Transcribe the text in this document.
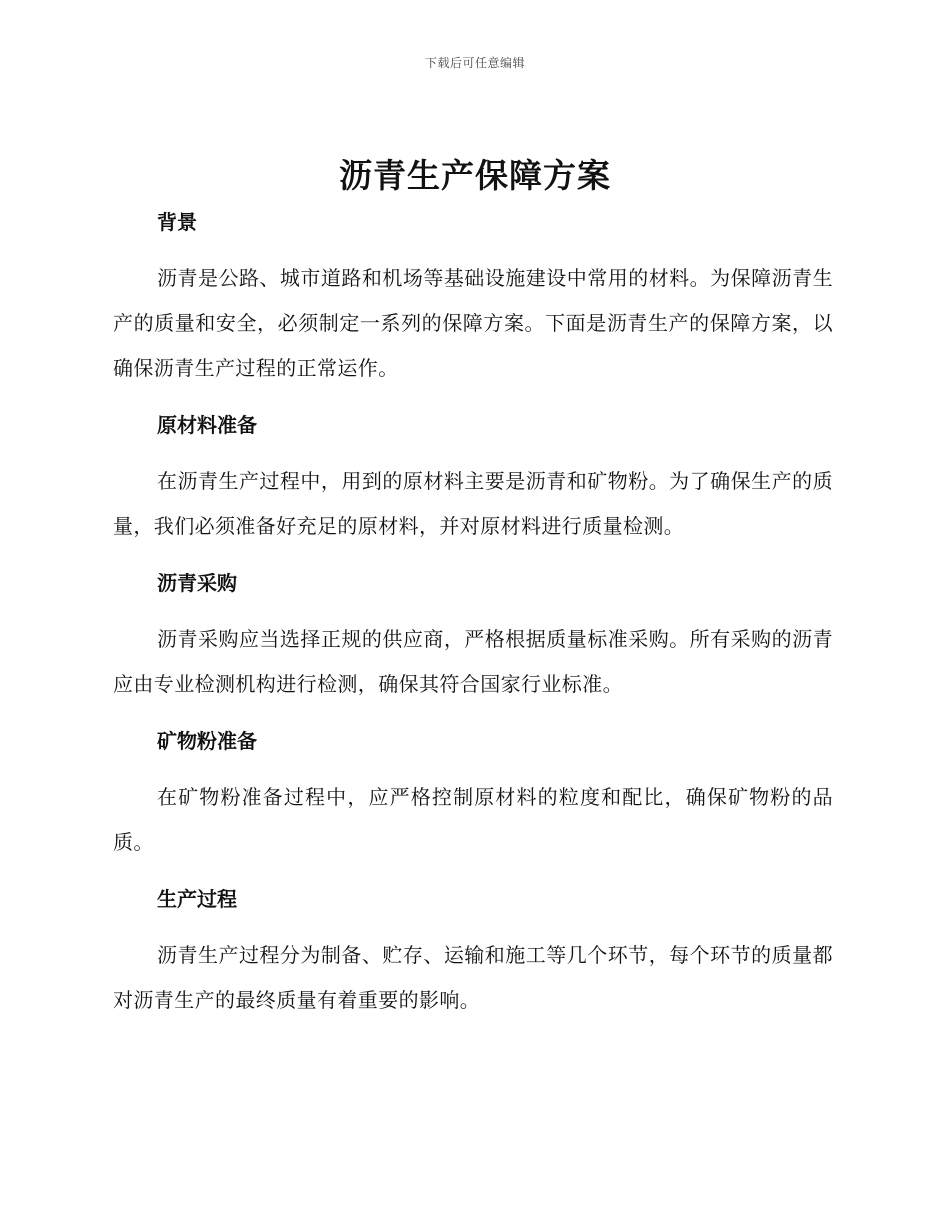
下载后可任意编辑
沥青生产保障方案
背景

沥青是公路、城市道路和机场等基础设施建设中常用的材料。为保障沥青生产的质量和安全，必须制定一系列的保障方案。下面是沥青生产的保障方案，以确保沥青生产过程的正常运作。

原材料准备

在沥青生产过程中，用到的原材料主要是沥青和矿物粉。为了确保生产的质量，我们必须准备好充足的原材料，并对原材料进行质量检测。

沥青采购

沥青采购应当选择正规的供应商，严格根据质量标准采购。所有采购的沥青应由专业检测机构进行检测，确保其符合国家行业标准。

矿物粉准备

在矿物粉准备过程中，应严格控制原材料的粒度和配比，确保矿物粉的品质。

生产过程

沥青生产过程分为制备、贮存、运输和施工等几个环节，每个环节的质量都对沥青生产的最终质量有着重要的影响。
